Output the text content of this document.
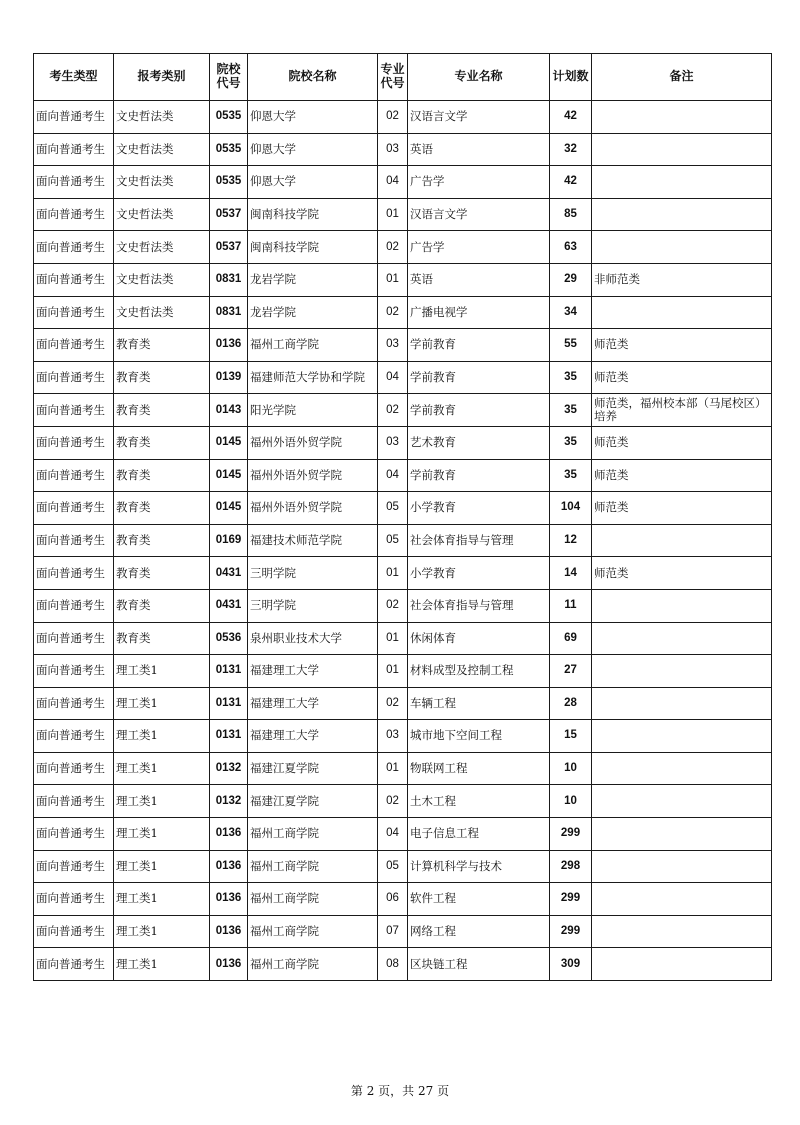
考生类型	报考类别	院校代号	院校名称	专业代号	专业名称	计划数	备注
面向普通考生	文史哲法类	0535	仰恩大学	02	汉语言文学	42	
面向普通考生	文史哲法类	0535	仰恩大学	03	英语	32	
面向普通考生	文史哲法类	0535	仰恩大学	04	广告学	42	
面向普通考生	文史哲法类	0537	闽南科技学院	01	汉语言文学	85	
面向普通考生	文史哲法类	0537	闽南科技学院	02	广告学	63	
面向普通考生	文史哲法类	0831	龙岩学院	01	英语	29	非师范类
面向普通考生	文史哲法类	0831	龙岩学院	02	广播电视学	34	
面向普通考生	教育类	0136	福州工商学院	03	学前教育	55	师范类
面向普通考生	教育类	0139	福建师范大学协和学院	04	学前教育	35	师范类
面向普通考生	教育类	0143	阳光学院	02	学前教育	35	师范类，福州校本部（马尾校区）培养
面向普通考生	教育类	0145	福州外语外贸学院	03	艺术教育	35	师范类
面向普通考生	教育类	0145	福州外语外贸学院	04	学前教育	35	师范类
面向普通考生	教育类	0145	福州外语外贸学院	05	小学教育	104	师范类
面向普通考生	教育类	0169	福建技术师范学院	05	社会体育指导与管理	12	
面向普通考生	教育类	0431	三明学院	01	小学教育	14	师范类
面向普通考生	教育类	0431	三明学院	02	社会体育指导与管理	11	
面向普通考生	教育类	0536	泉州职业技术大学	01	休闲体育	69	
面向普通考生	理工类1	0131	福建理工大学	01	材料成型及控制工程	27	
面向普通考生	理工类1	0131	福建理工大学	02	车辆工程	28	
面向普通考生	理工类1	0131	福建理工大学	03	城市地下空间工程	15	
面向普通考生	理工类1	0132	福建江夏学院	01	物联网工程	10	
面向普通考生	理工类1	0132	福建江夏学院	02	土木工程	10	
面向普通考生	理工类1	0136	福州工商学院	04	电子信息工程	299	
面向普通考生	理工类1	0136	福州工商学院	05	计算机科学与技术	298	
面向普通考生	理工类1	0136	福州工商学院	06	软件工程	299	
面向普通考生	理工类1	0136	福州工商学院	07	网络工程	299	
面向普通考生	理工类1	0136	福州工商学院	08	区块链工程	309	
第 2 页，共 27 页
